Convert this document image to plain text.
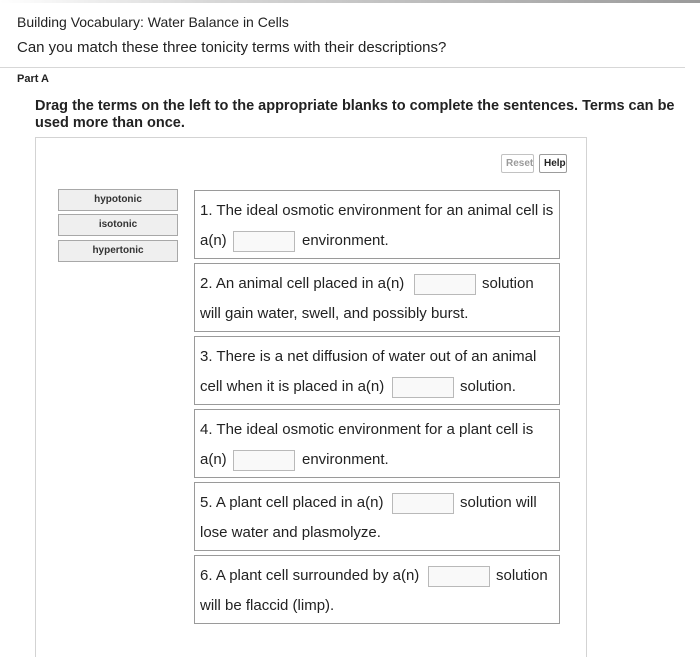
Building Vocabulary: Water Balance in Cells
Can you match these three tonicity terms with their descriptions?
Part A
Drag the terms on the left to the appropriate blanks to complete the sentences. Terms can be used more than once.
Reset	Help
hypotonic
isotonic
hypertonic
1. The ideal osmotic environment for an animal cell is
a(n)	environment.
2. An animal cell placed in a(n)	solution
will gain water, swell, and possibly burst.
3. There is a net diffusion of water out of an animal
cell when it is placed in a(n)	solution.
4. The ideal osmotic environment for a plant cell is
a(n)	environment.
5. A plant cell placed in a(n)	solution will
lose water and plasmolyze.
6. A plant cell surrounded by a(n)	solution
will be flaccid (limp).
